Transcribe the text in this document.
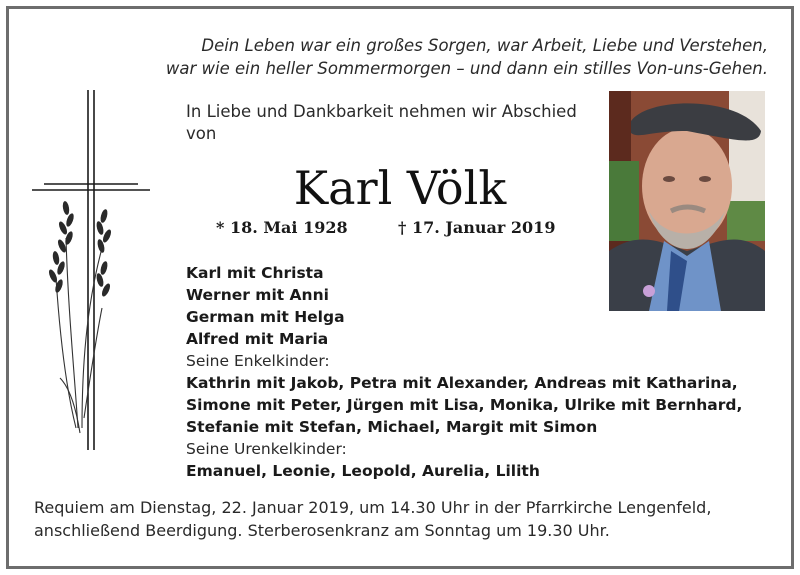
Dein Leben war ein großes Sorgen, war Arbeit, Liebe und Verstehen,
war wie ein heller Sommermorgen – und dann ein stilles Von-uns-Gehen.
In Liebe und Dankbarkeit nehmen wir Abschied
von
Karl Völk
* 18. Mai 1928	† 17. Januar 2019
Karl mit Christa
Werner mit Anni
German mit Helga
Alfred mit Maria
Seine Enkelkinder:
Kathrin mit Jakob, Petra mit Alexander, Andreas mit Katharina,
Simone mit Peter, Jürgen mit Lisa, Monika, Ulrike mit Bernhard,
Stefanie mit Stefan, Michael, Margit mit Simon
Seine Urenkelkinder:
Emanuel, Leonie, Leopold, Aurelia, Lilith
Requiem am Dienstag, 22. Januar 2019, um 14.30 Uhr in der Pfarrkirche Lengenfeld,
anschließend Beerdigung. Sterberosenkranz am Sonntag um 19.30 Uhr.
